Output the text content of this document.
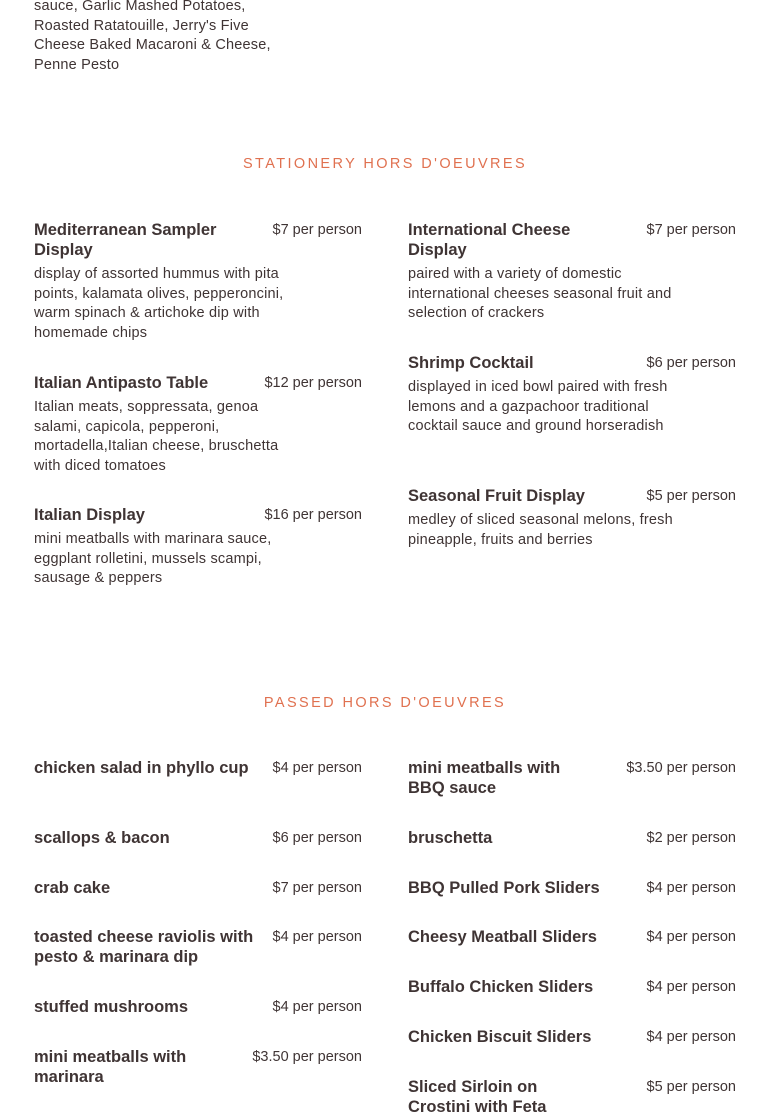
sauce, Garlic Mashed Potatoes, Roasted Ratatouille, Jerry's Five Cheese Baked Macaroni & Cheese, Penne Pesto
STATIONERY HORS D'OEUVRES
Mediterranean Sampler Display
$7 per person
display of assorted hummus with pita points, kalamata olives, pepperoncini, warm spinach & artichoke dip with homemade chips
Italian Antipasto Table	$12 per person
Italian meats, soppressata, genoa salami, capicola, pepperoni, mortadella,Italian cheese, bruschetta with diced tomatoes
Italian Display	$16 per person
mini meatballs with marinara sauce, eggplant rolletini, mussels scampi, sausage & peppers
International Cheese Display
$7 per person
paired with a variety of domestic international cheeses seasonal fruit and selection of crackers
Shrimp Cocktail	$6 per person
displayed in iced bowl paired with fresh lemons and a gazpachoor traditional cocktail sauce and ground horseradish
Seasonal Fruit Display	$5 per person
medley of sliced seasonal melons, fresh pineapple, fruits and berries
PASSED HORS D'OEUVRES
chicken salad in phyllo cup $4 per person
scallops & bacon	$6 per person
crab cake	$7 per person
toasted cheese raviolis with pesto & marinara dip
$4 per person
stuffed mushrooms	$4 per person
mini meatballs with marinara
$3.50 per person
mini meatballs with BBQ sauce
$3.50 per person
bruschetta	$2 per person
BBQ Pulled Pork Sliders	$4 per person
Cheesy Meatball Sliders	$4 per person
Buffalo Chicken Sliders	$4 per person
Chicken Biscuit Sliders	$4 per person
Sliced Sirloin on Crostini with Feta
$5 per person
